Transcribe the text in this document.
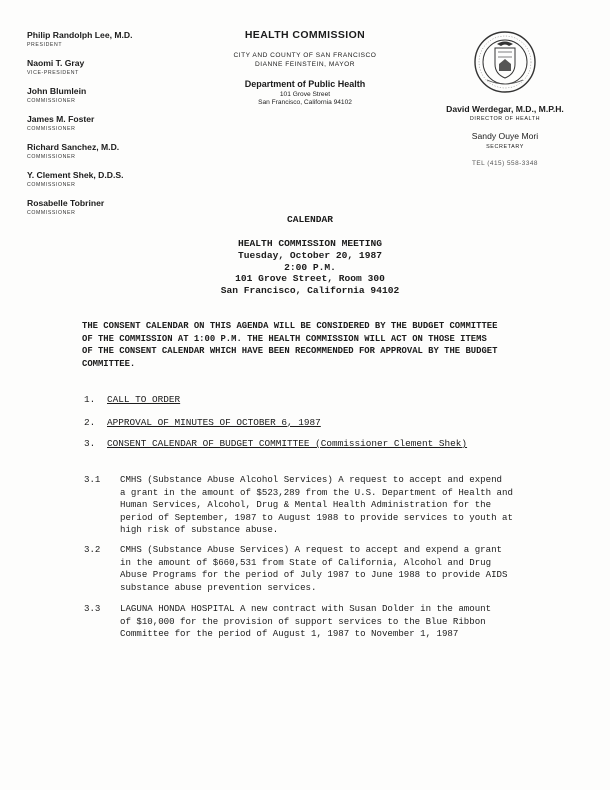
Philip Randolph Lee, M.D.
PRESIDENT
Naomi T. Gray
VICE-PRESIDENT
John Blumlein
COMMISSIONER
James M. Foster
COMMISSIONER
Richard Sanchez, M.D.
COMMISSIONER
Y. Clement Shek, D.D.S.
COMMISSIONER
Rosabelle Tobriner
COMMISSIONER
HEALTH COMMISSION
CITY AND COUNTY OF SAN FRANCISCO
DIANNE FEINSTEIN, MAYOR
Department of Public Health
101 Grove Street
San Francisco, California 94102
David Werdegar, M.D., M.P.H.
DIRECTOR OF HEALTH
Sandy Ouye Mori
SECRETARY
TEL (415) 558-3348
CALENDAR
HEALTH COMMISSION MEETING
Tuesday, October 20, 1987
2:00 P.M.
101 Grove Street, Room 300
San Francisco, California 94102
THE CONSENT CALENDAR ON THIS AGENDA WILL BE CONSIDERED BY THE BUDGET COMMITTEE
OF THE COMMISSION AT 1:00 P.M. THE HEALTH COMMISSION WILL ACT ON THOSE ITEMS
OF THE CONSENT CALENDAR WHICH HAVE BEEN RECOMMENDED FOR APPROVAL BY THE BUDGET
COMMITTEE.
1. CALL TO ORDER
2. APPROVAL OF MINUTES OF OCTOBER 6, 1987
3. CONSENT CALENDAR OF BUDGET COMMITTEE (Commissioner Clement Shek)
3.1 CMHS (Substance Abuse Alcohol Services) A request to accept and expend
a grant in the amount of $523,289 from the U.S. Department of Health and
Human Services, Alcohol, Drug & Mental Health Administration for the
period of September, 1987 to August 1988 to provide services to youth at
high risk of substance abuse.
3.2 CMHS (Substance Abuse Services) A request to accept and expend a grant
in the amount of $660,531 from State of California, Alcohol and Drug
Abuse Programs for the period of July 1987 to June 1988 to provide AIDS
substance abuse prevention services.
3.3 LAGUNA HONDA HOSPITAL A new contract with Susan Dolder in the amount
of $10,000 for the provision of support services to the Blue Ribbon
Committee for the period of August 1, 1987 to November 1, 1987
